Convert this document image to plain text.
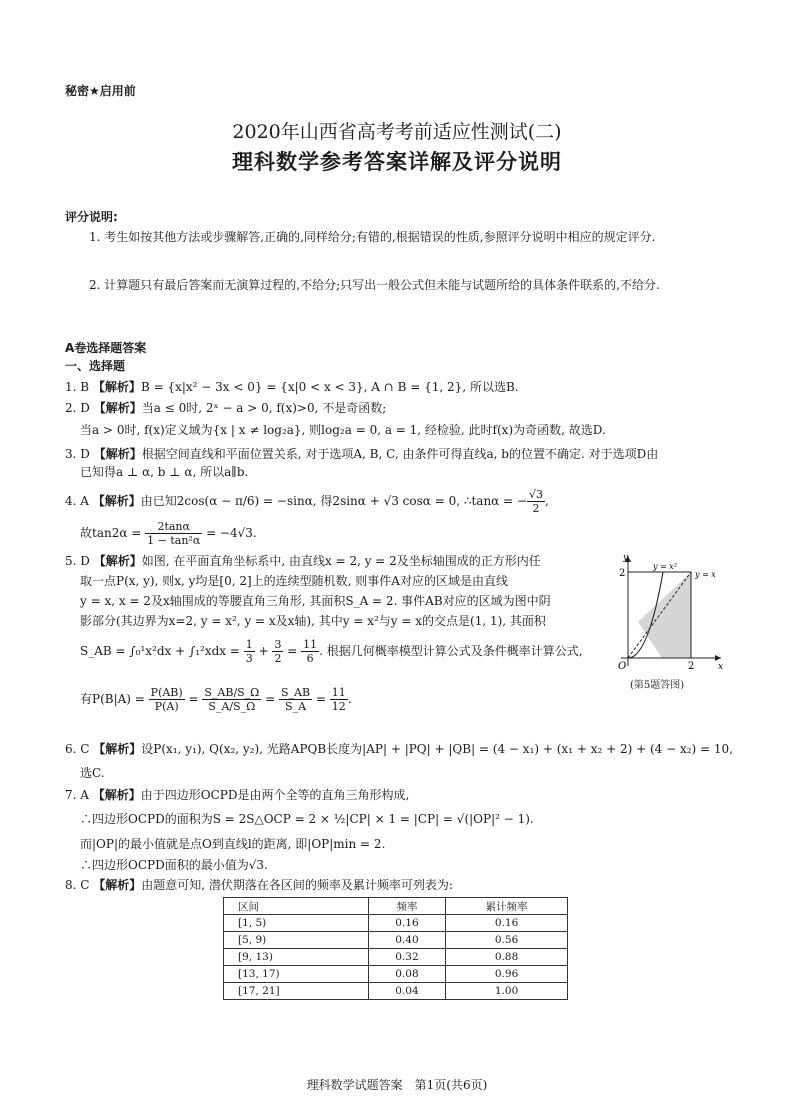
秘密★启用前
2020年山西省高考考前适应性测试(二)
理科数学参考答案详解及评分说明
评分说明:
1. 考生如按其他方法或步骤解答,正确的,同样给分;有错的,根据错误的性质,参照评分说明中相应的规定评分.
2. 计算题只有最后答案而无演算过程的,不给分;只写出一般公式但未能与试题所给的具体条件联系的,不给分.
A卷选择题答案
一、选择题
1. B 【解析】B = {x|x² − 3x < 0} = {x|0 < x < 3}, A ∩ B = {1, 2}, 所以选B.
2. D 【解析】当a ≤ 0时, 2ˣ − a > 0, f(x)>0, 不是奇函数;
当a > 0时, f(x)定义域为{x | x ≠ log₂a}, 则log₂a = 0, a = 1, 经检验, 此时f(x)为奇函数, 故选D.
3. D 【解析】根据空间直线和平面位置关系, 对于选项A, B, C, 由条件可得直线a, b的位置不确定. 对于选项D由
已知得a ⊥ α, b ⊥ α, 所以a∥b.
4. A 【解析】由已知2cos(α − π/6) = −sinα, 得2sinα + √3 cosα = 0, ∴tanα = − $\frac{√3}{2}$ ,
故$\tan 2\alpha = \frac{2\tan\alpha}{\text{1 − tan²α}} = -4√3$.
5. D 【解析】如图, 在平面直角坐标系中, 由直线x = 2, y = 2及坐标轴围成的正方形内任
取一点P(x, y), 则x, y均是[0, 2]上的连续型随机数, 则事件A对应的区域是由直线
y = x, x = 2及x轴围成的等腰直角三角形, 其面积S_A = 2. 事件AB对应的区域为图中阴
影部分(其边界为x=2, y = x², y = x及x轴), 其中y = x²与y = x的交点是(1, 1), 其面积
S_AB = $\int_0^1x^2dx + \int_1^2xdx = \frac{1}{3} + \frac{3}{2} = \frac{11}{6}$ . 根据几何概率模型计算公式及条件概率计算公式,
有$P(B|A) = \frac{P(AB)}{P(A)} = \frac{S\_AB/S\_\Omega}{S\_A/S\_\Omega} = \frac{S\_AB}{S\_A} = \frac{11}{12}$ .
y
x
O	2
2
y = x²
y = x
(第5题答图)
6. C 【解析】设P(x₁, y₁), Q(x₂, y₂), 光路APQB长度为|AP| + |PQ| + |QB| = (4 − x₁) + (x₁ + x₂ + 2) + (4 − x₂) = 10,
选C.
7. A 【解析】由于四边形OCPD是由两个全等的直角三角形构成,
∴四边形OCPD的面积为S = 2S△OCP = 2 × ½|CP| × 1 = |CP| = √(|OP|² − 1).
而|OP|的最小值就是点O到直线l的距离, 即|OP|min = 2.
∴四边形OCPD面积的最小值为√3.
8. C 【解析】由题意可知, 潜伏期落在各区间的频率及累计频率可列表为:
区间	频率	累计频率
[1, 5)	0.16	0.16
[5, 9)	0.40	0.56
[9, 13)	0.32	0.88
[13, 17)	0.08	0.96
[17, 21]	0.04	1.00
理科数学试题答案　第1页(共6页)
